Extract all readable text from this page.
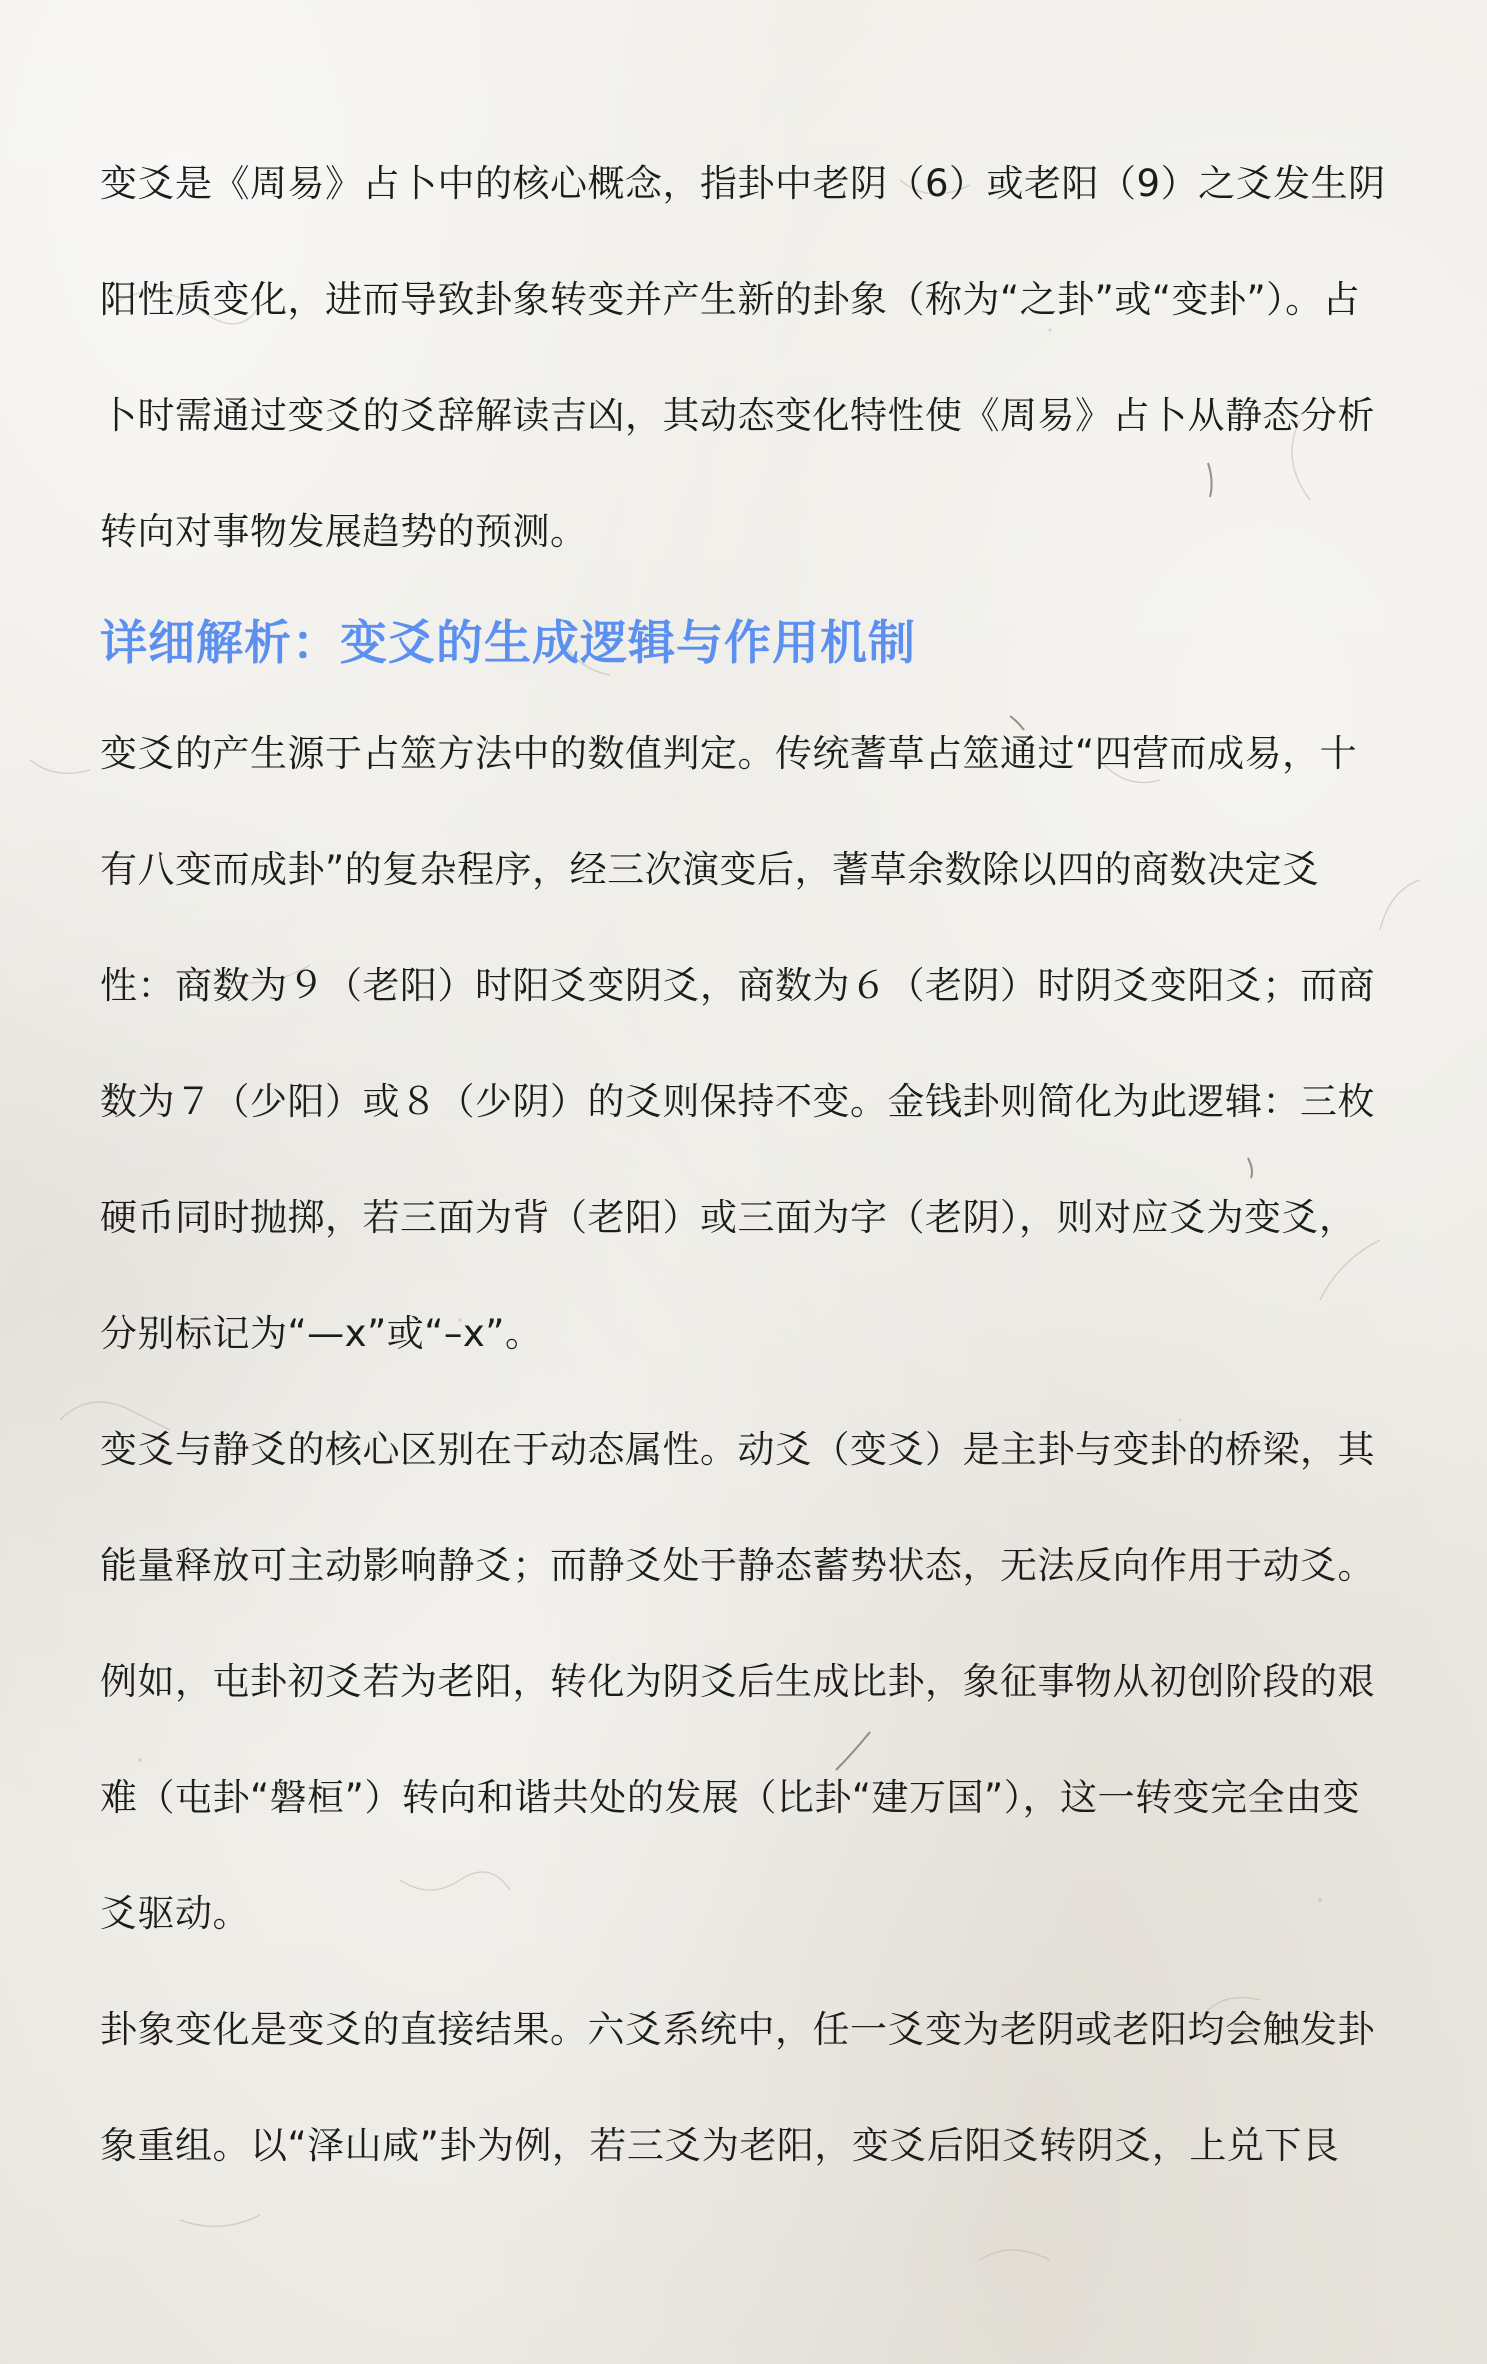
变爻是《周易》占卜中的核心概念，指卦中老阴（6）或老阳（9）之爻发生阴阳性质变化，进而导致卦象转变并产生新的卦象（称为“之卦”或“变卦”）。占卜时需通过变爻的爻辞解读吉凶，其动态变化特性使《周易》占卜从静态分析转向对事物发展趋势的预测。

详细解析：变爻的生成逻辑与作用机制

变爻的产生源于占筮方法中的数值判定。传统蓍草占筮通过“四营而成易，十有八变而成卦”的复杂程序，经三次演变后，蓍草余数除以四的商数决定爻性：商数为９（老阳）时阳爻变阴爻，商数为６（老阴）时阴爻变阳爻；而商数为７（少阳）或８（少阴）的爻则保持不变。金钱卦则简化为此逻辑：三枚硬币同时抛掷，若三面为背（老阳）或三面为字（老阴），则对应爻为变爻，分别标记为“—x”或“–x”。

变爻与静爻的核心区别在于动态属性。动爻（变爻）是主卦与变卦的桥梁，其能量释放可主动影响静爻；而静爻处于静态蓄势状态，无法反向作用于动爻。例如，屯卦初爻若为老阳，转化为阴爻后生成比卦，象征事物从初创阶段的艰难（屯卦“磐桓”）转向和谐共处的发展（比卦“建万国”），这一转变完全由变爻驱动。

卦象变化是变爻的直接结果。六爻系统中，任一爻变为老阴或老阳均会触发卦象重组。以“泽山咸”卦为例，若三爻为老阳，变爻后阳爻转阴爻，上兑下艮
